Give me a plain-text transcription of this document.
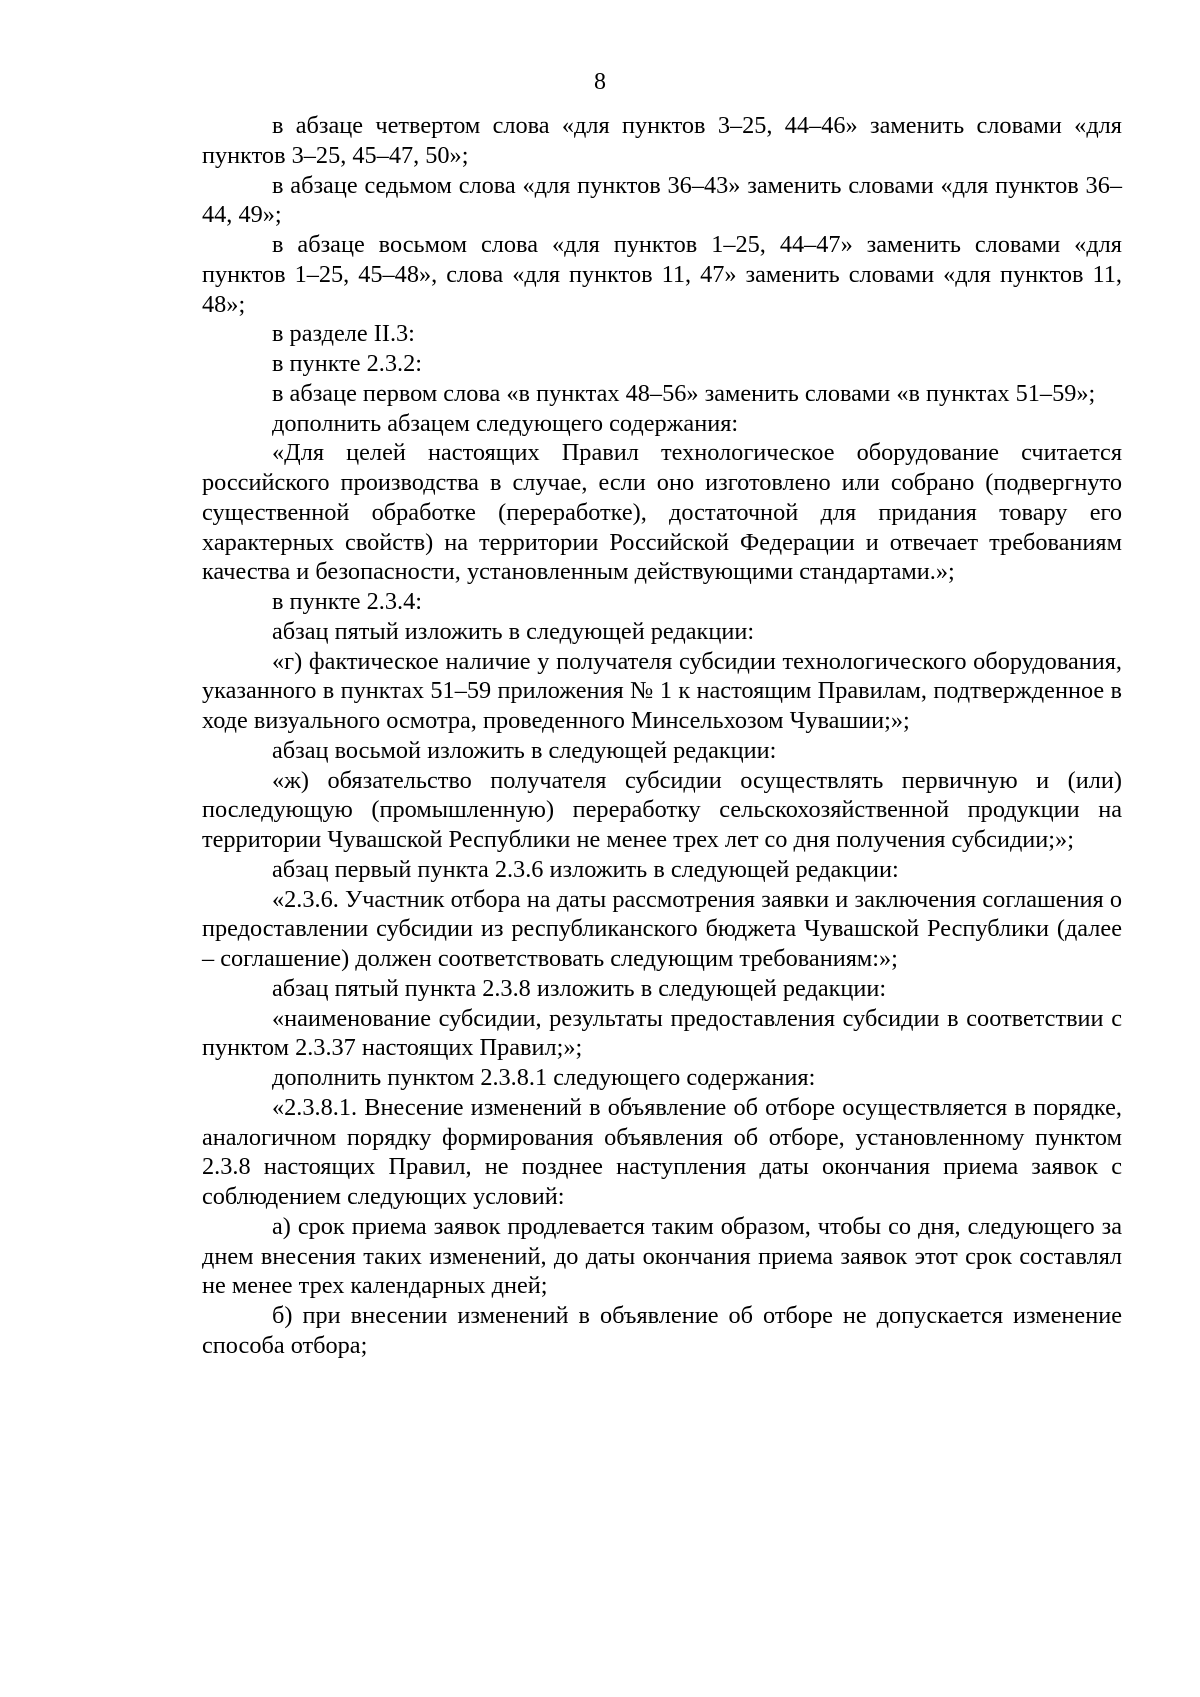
8

в абзаце четвертом слова «для пунктов 3–25, 44–46» заменить словами «для пунктов 3–25, 45–47, 50»;

в абзаце седьмом слова «для пунктов 36–43» заменить словами «для пунктов 36–44, 49»;

в абзаце восьмом слова «для пунктов 1–25, 44–47» заменить словами «для пунктов 1–25, 45–48», слова «для пунктов 11, 47» заменить словами «для пунктов 11, 48»;

в разделе II.3:

в пункте 2.3.2:

в абзаце первом слова «в пунктах 48–56» заменить словами «в пунктах 51–59»;

дополнить абзацем следующего содержания:

«Для целей настоящих Правил технологическое оборудование считается российского производства в случае, если оно изготовлено или собрано (подвергнуто существенной обработке (переработке), достаточной для придания товару его характерных свойств) на территории Российской Федерации и отвечает требованиям качества и безопасности, установленным действующими стандартами.»;

в пункте 2.3.4:

абзац пятый изложить в следующей редакции:

«г) фактическое наличие у получателя субсидии технологического оборудования, указанного в пунктах 51–59 приложения № 1 к настоящим Правилам, подтвержденное в ходе визуального осмотра, проведенного Минсельхозом Чувашии;»;

абзац восьмой изложить в следующей редакции:

«ж) обязательство получателя субсидии осуществлять первичную и (или) последующую (промышленную) переработку сельскохозяйственной продукции на территории Чувашской Республики не менее трех лет со дня получения субсидии;»;

абзац первый пункта 2.3.6 изложить в следующей редакции:

«2.3.6. Участник отбора на даты рассмотрения заявки и заключения соглашения о предоставлении субсидии из республиканского бюджета Чувашской Республики (далее – соглашение) должен соответствовать следующим требованиям:»;

абзац пятый пункта 2.3.8 изложить в следующей редакции:

«наименование субсидии, результаты предоставления субсидии в соответствии с пунктом 2.3.37 настоящих Правил;»;

дополнить пунктом 2.3.8.1 следующего содержания:

«2.3.8.1. Внесение изменений в объявление об отборе осуществляется в порядке, аналогичном порядку формирования объявления об отборе, установленному пунктом 2.3.8 настоящих Правил, не позднее наступления даты окончания приема заявок с соблюдением следующих условий:

а) срок приема заявок продлевается таким образом, чтобы со дня, следующего за днем внесения таких изменений, до даты окончания приема заявок этот срок составлял не менее трех календарных дней;

б) при внесении изменений в объявление об отборе не допускается изменение способа отбора;
